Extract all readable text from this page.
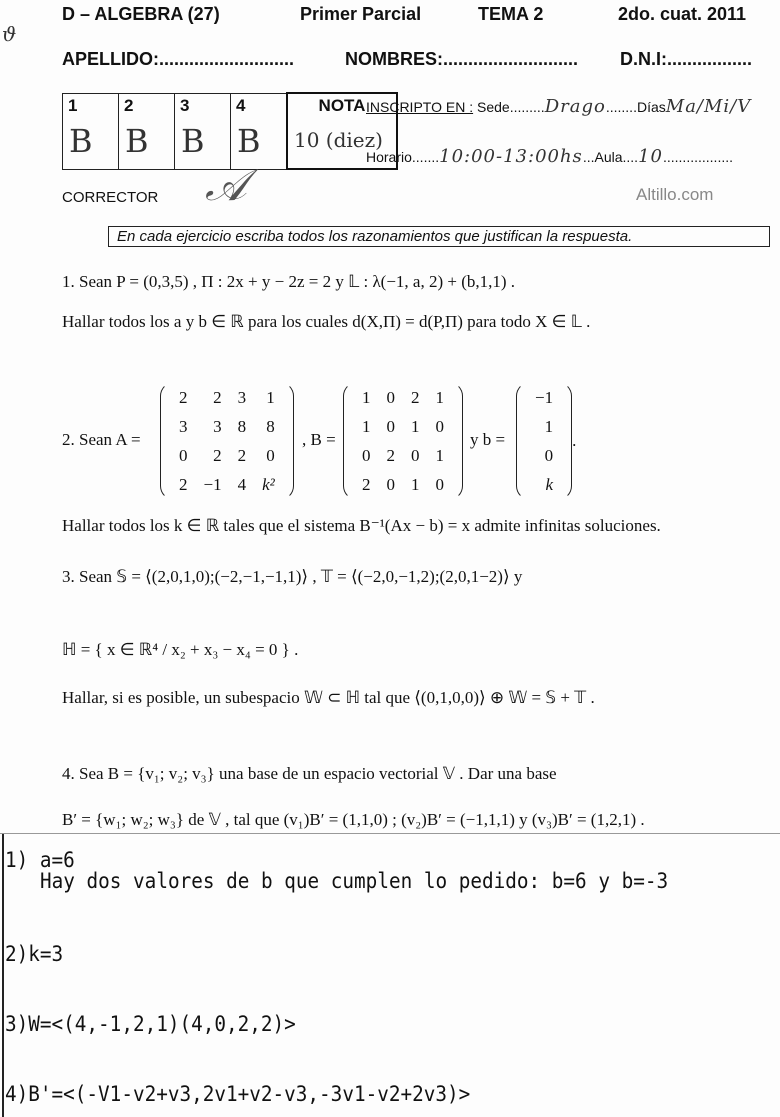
ϑ
D – ALGEBRA (27)	Primer Parcial	TEMA 2	2do. cuat. 2011
APELLIDO:...........................	NOMBRES:........................... D.N.I:.................
1
B
	2
B
	3
B
	4
B
	NOTA
10 (diez)
INSCRIPTO EN : Sede.........Drago........DíasMa/Mi/V
Horario.......10:00-13:00hs...Aula....10..................
CORRECTOR	Altillo.com
𝒜
En cada ejercicio escriba todos los razonamientos que justifican la respuesta.
1. Sean P = (0,3,5) , Π : 2x + y − 2z = 2 y 𝕃 : λ(−1, a, 2) + (b,1,1) .
Hallar todos los a y b ∈ ℝ para los cuales d(X,Π) = d(P,Π) para todo X ∈ 𝕃 .
2. Sean A =
2	2	3	1
3	3	8	8
0	2	2	0
2	−1	4	k²
, B =
1	0	2	1
1	0	1	0
0	2	0	1
2	0	1	0
y b =
−1
1
0
k
.
Hallar todos los k ∈ ℝ tales que el sistema B⁻¹(Ax − b) = x admite infinitas soluciones.
3. Sean 𝕊 = ⟨(2,0,1,0);(−2,−1,−1,1)⟩ , 𝕋 = ⟨(−2,0,−1,2);(2,0,1−2)⟩ y
ℍ = { x ∈ ℝ⁴ / x₂ + x₃ − x₄ = 0 } .
Hallar, si es posible, un subespacio 𝕎 ⊂ ℍ tal que ⟨(0,1,0,0)⟩ ⊕ 𝕎 = 𝕊 + 𝕋 .
4. Sea B = {v₁; v₂; v₃} una base de un espacio vectorial 𝕍 . Dar una base
B′ = {w₁; w₂; w₃} de 𝕍 , tal que (v₁)B′ = (1,1,0) ; (v₂)B′ = (−1,1,1) y (v₃)B′ = (1,2,1) .
1) a=6
Hay dos valores de b que cumplen lo pedido: b=6 y b=-3
2)k=3
3)W=<(4,-1,2,1)(4,0,2,2)>
4)B'=<(-V1-v2+v3,2v1+v2-v3,-3v1-v2+2v3)>
